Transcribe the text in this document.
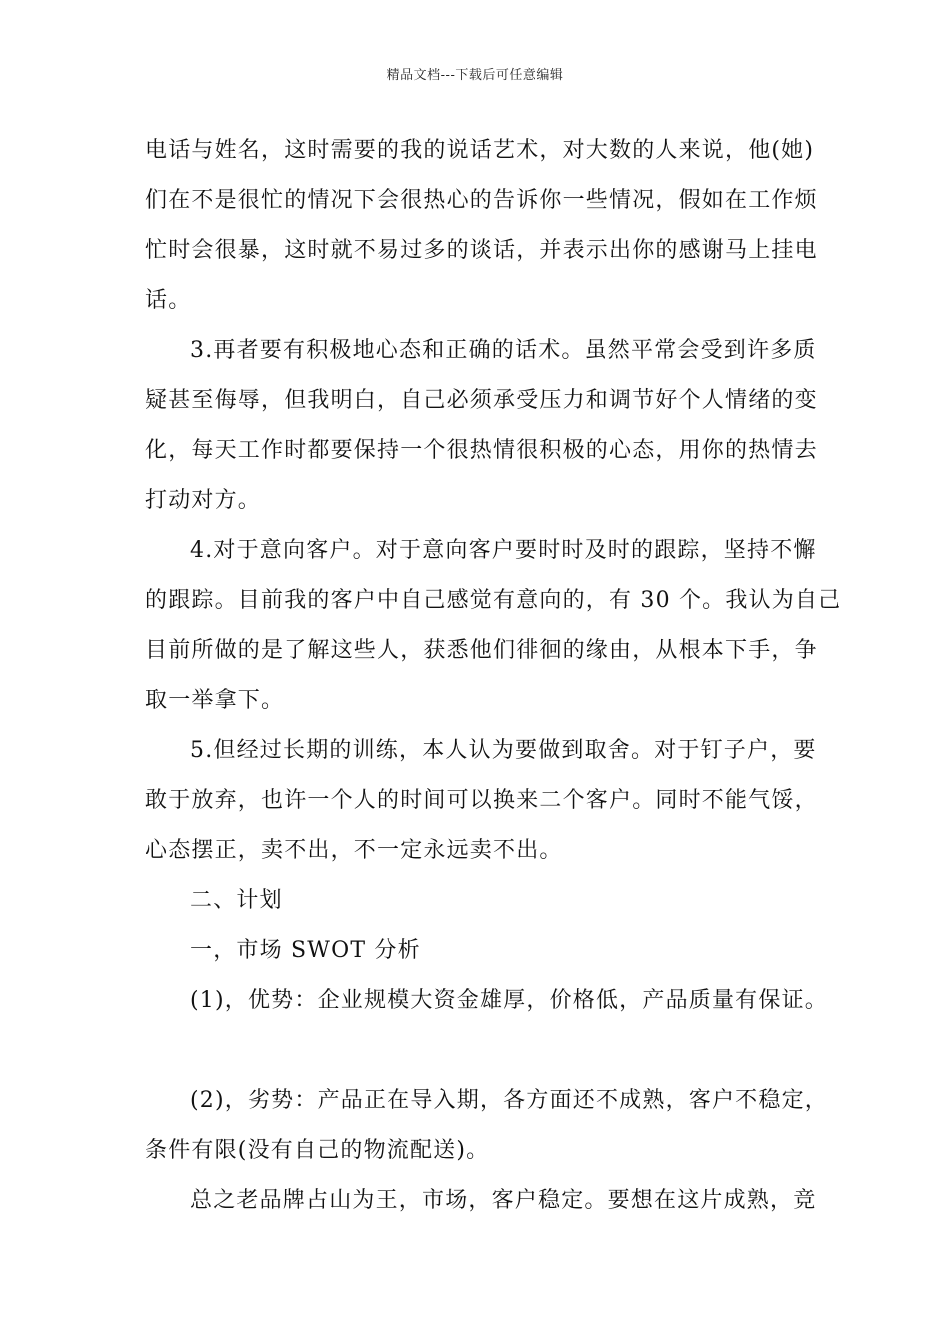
精品文档---下载后可任意编辑
电话与姓名，这时需要的我的说话艺术，对大数的人来说，他(她)
们在不是很忙的情况下会很热心的告诉你一些情况，假如在工作烦
忙时会很暴，这时就不易过多的谈话，并表示出你的感谢马上挂电
话。
3.再者要有积极地心态和正确的话术。虽然平常会受到许多质
疑甚至侮辱，但我明白，自己必须承受压力和调节好个人情绪的变
化，每天工作时都要保持一个很热情很积极的心态，用你的热情去
打动对方。
4.对于意向客户。对于意向客户要时时及时的跟踪，坚持不懈
的跟踪。目前我的客户中自己感觉有意向的，有 30 个。我认为自己
目前所做的是了解这些人，获悉他们徘徊的缘由，从根本下手，争
取一举拿下。
5.但经过长期的训练，本人认为要做到取舍。对于钉子户，要
敢于放弃，也许一个人的时间可以换来二个客户。同时不能气馁，
心态摆正，卖不出，不一定永远卖不出。
二、计划
一，市场 SWOT 分析
(1)，优势：企业规模大资金雄厚，价格低，产品质量有保证。
(2)，劣势：产品正在导入期，各方面还不成熟，客户不稳定，
条件有限(没有自己的物流配送)。
总之老品牌占山为王，市场，客户稳定。要想在这片成熟，竞
